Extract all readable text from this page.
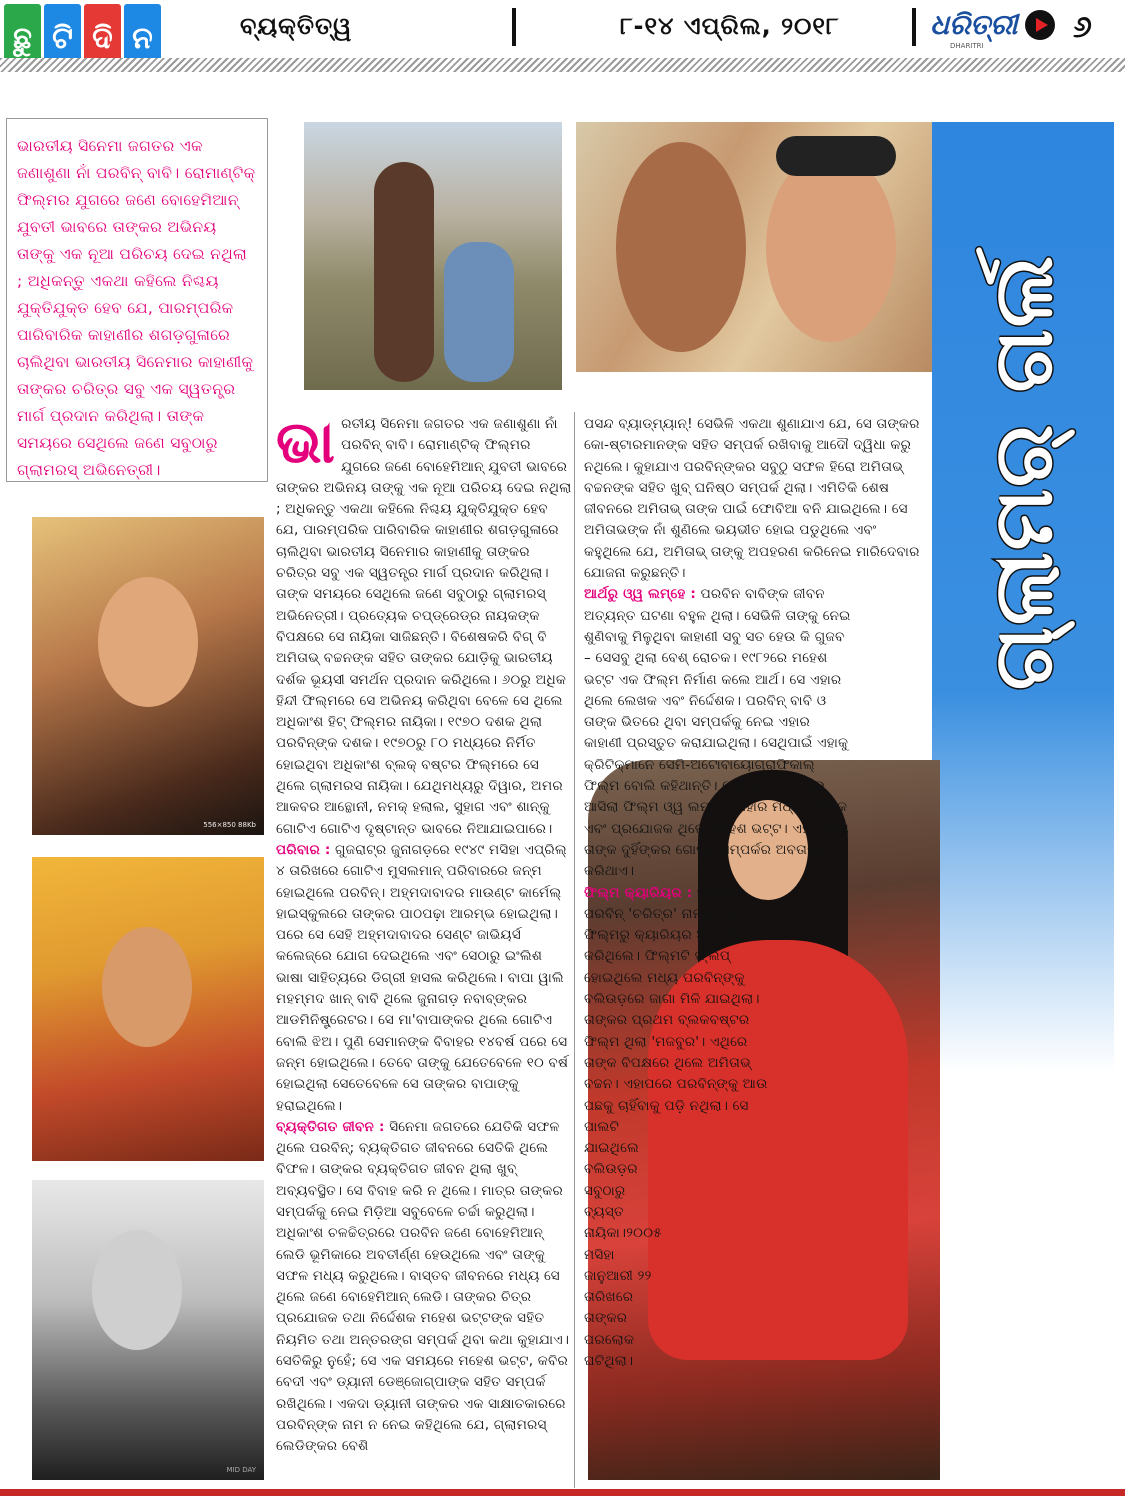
ଛୁ ଟି ଦି ନ	ବ୍ୟକ୍ତିତ୍ୱ	୮-୧୪ ଏପ୍ରିଲ, ୨୦୧୮	ଧରିତ୍ରୀ
DHARITRI
୬
ଭାରତୀୟ ସିନେମା ଜଗତର ଏକ ଜଣାଶୁଣା ନାଁ ପରବିନ୍ ବାବି। ରୋମାଣ୍ଟିକ୍ ଫିଲ୍ମର ଯୁଗରେ ଜଣେ ବୋହେମିଆନ୍ ଯୁବତୀ ଭାବରେ ତାଙ୍କର ଅଭିନୟ ତାଙ୍କୁ ଏକ ନୂଆ ପରିଚୟ ଦେଇ ନଥିଲା ; ଅଧିକନ୍ତୁ ଏକଥା କହିଲେ ନିଶ୍ଚୟ ଯୁକ୍ତିଯୁକ୍ତ ହେବ ଯେ, ପାରମ୍ପରିକ ପାରିବାରିକ କାହାଣୀର ଶଗଡ଼ଗୁଳାରେ ଚାଲିଥିବା ଭାରତୀୟ ସିନେମାର କାହାଣୀକୁ ତାଙ୍କର ଚରିତ୍ର ସବୁ ଏକ ସ୍ୱତନ୍ତ୍ର ମାର୍ଗ ପ୍ରଦାନ କରିଥିଲା। ତାଙ୍କ ସମୟରେ ସେଥିଲେ ଜଣେ ସବୁଠାରୁ ଗ୍ଲାମରସ୍ ଅଭିନେତ୍ରୀ।
556×850 88Kb
MID DAY
ଗ୍ଲାମର୍ ଗର୍ଲ

ଭା ରତୀୟ ସିନେମା ଜଗତର ଏକ ଜଣାଶୁଣା ନାଁ ପରବିନ୍ ବାବି। ରୋମାଣ୍ଟିକ୍ ଫିଲ୍ମର ଯୁଗରେ ଜଣେ ବୋହେମିଆନ୍ ଯୁବତୀ ଭାବରେ ତାଙ୍କର ଅଭିନୟ ତାଙ୍କୁ ଏକ ନୂଆ ପରିଚୟ ଦେଇ ନଥିଲା ; ଅଧିକନ୍ତୁ ଏକଥା କହିଲେ ନିଶ୍ଚୟ ଯୁକ୍ତିଯୁକ୍ତ ହେବ ଯେ, ପାରମ୍ପରିକ ପାରିବାରିକ କାହାଣୀର ଶଗଡ଼ଗୁଳାରେ ଚାଲିଥିବା ଭାରତୀୟ ସିନେମାର କାହାଣୀକୁ ତାଙ୍କର ଚରିତ୍ର ସବୁ ଏକ ସ୍ୱତନ୍ତ୍ର ମାର୍ଗ ପ୍ରଦାନ କରିଥିଲା। ତାଙ୍କ ସମୟରେ ସେଥିଲେ ଜଣେ ସବୁଠାରୁ ଗ୍ଲାମରସ୍ ଅଭିନେତ୍ରୀ। ପ୍ରତ୍ୟେକ ଚପ୍‌ଡ୍ରେଡ୍‌ର ନାୟକଙ୍କ ବିପକ୍ଷରେ ସେ ନାୟିକା ସାଜିଛନ୍ତି। ବିଶେଷକରି ବିଗ୍ ବି ଅମିତାଭ୍ ବଚ୍ଚନଙ୍କ ସହିତ ତାଙ୍କର ଯୋଡ଼ିକୁ ଭାରତୀୟ ଦର୍ଶକ ଭୂୟସୀ ସମର୍ଥନ ପ୍ରଦାନ କରିଥିଲେ। ୬୦ରୁ ଅଧିକ ହିନ୍ଦୀ ଫିଲ୍ମରେ ସେ ଅଭିନୟ କରିଥିବା ବେଳେ ସେ ଥିଲେ ଅଧିକାଂଶ ହିଟ୍ ଫିଲ୍ମର ନାୟିକା। ୧୯୭୦ ଦଶକ ଥିଲା ପରବିନ୍‌ଙ୍କ ଦଶକ। ୧୯୭୦ରୁ ୮୦ ମଧ୍ୟରେ ନିର୍ମିତ ହୋଇଥିବା ଅଧିକାଂଶ ବ୍ଲକ୍ ବଷ୍ଟର ଫିଲ୍ମରେ ସେ ଥିଲେ ଗ୍ଲାମରସ ନାୟିକା। ଯେଥିମଧ୍ୟରୁ ଦିୱାର, ଅମର ଆକବର ଆନ୍ଥୋନୀ, ନମକ୍ ହଲାଲ, ସୁହାଗ ଏବଂ ଶାନ୍‌କୁ ଗୋଟିଏ ଗୋଟିଏ ଦୃଷ୍ଟାନ୍ତ ଭାବରେ ନିଆଯାଇପାରେ।

ପରିବାର : ଗୁଜରାଟ୍‌ର ଜୁନାଗଡ଼ରେ ୧୯୪୯ ମସିହା ଏପ୍ରିଲ୍ ୪ ତାରିଖରେ ଗୋଟିଏ ମୁସଲମାନ୍ ପରିବାରରେ ଜନ୍ମ ହୋଇଥିଲେ ପରବିନ୍। ଅହ୍ମଦାବାଦର ମାଉଣ୍ଟ କାର୍ମେଲ୍ ହାଇସ୍କୁଲରେ ତାଙ୍କର ପାଠପଢ଼ା ଆରମ୍ଭ ହୋଇଥିଲା। ପରେ ସେ ସେହି ଅହ୍ମଦାବାଦର ସେଣ୍ଟ ଜାଭିୟର୍ସ କଲେଜ୍‌ରେ ଯୋଗ ଦେଇଥିଲେ ଏବଂ ସେଠାରୁ ଇଂଲିଶ ଭାଷା ସାହିତ୍ୟରେ ଡିଗ୍ରୀ ହାସଲ କରିଥିଲେ। ବାପା ୱାଲି ମହମ୍ମଦ ଖାନ୍ ବାବି ଥିଲେ ଜୁନାଗଡ଼ ନବାବ୍‌ଙ୍କର ଆଡମିନିଷ୍ଟ୍ରେଟର। ସେ ମା'ବାପାଙ୍କର ଥିଲେ ଗୋଟିଏ ବୋଲି ଝିଅ। ପୁଣି ସେମାନଙ୍କ ବିବାହର ୧୪ବର୍ଷ ପରେ ସେ ଜନ୍ମ ହୋଇଥିଲେ। ତେବେ ତାଙ୍କୁ ଯେତେବେଳେ ୧୦ ବର୍ଷ ହୋଇଥିଲା ସେତେବେଳେ ସେ ତାଙ୍କର ବାପାଙ୍କୁ ହରାଇଥିଲେ।

ବ୍ୟକ୍ତିଗତ ଜୀବନ : ସିନେମା ଜଗତରେ ଯେତିକି ସଫଳ ଥିଲେ ପରବିନ୍; ବ୍ୟକ୍ତିଗତ ଜୀବନରେ ସେତିକି ଥିଲେ ବିଫଳ। ତାଙ୍କର ବ୍ୟକ୍ତିଗତ ଜୀବନ ଥିଲା ଖୁବ୍ ଅବ୍ୟବସ୍ଥିତ। ସେ ବିବାହ କରି ନ ଥିଲେ। ମାତ୍ର ତାଙ୍କର ସମ୍ପର୍କକୁ ନେଇ ମିଡ଼ିଆ ସବୁବେଳେ ଚର୍ଚ୍ଚା କରୁଥିଲା। ଅଧିକାଂଶ ଚଳଚ୍ଚିତ୍ରରେ ପରବିନ ଜଣେ ବୋହେମିଆନ୍ ଲେଡି ଭୂମିକାରେ ଅବତୀର୍ଣ୍ଣ ହେଉଥିଲେ ଏବଂ ତାଙ୍କୁ ସଫଳ ମଧ୍ୟ କରୁଥିଲେ। ବାସ୍ତବ ଜୀବନରେ ମଧ୍ୟ ସେ ଥିଲେ ଜଣେ ବୋହେମିଆନ୍ ଲେଡି। ତାଙ୍କର ଚିତ୍ର ପ୍ରଯୋଜକ ତଥା ନିର୍ଦ୍ଦେଶକ ମହେଶ ଭଟ୍ଟଙ୍କ ସହିତ ନିୟମିତ ତଥା ଅନ୍ତରଙ୍ଗ ସମ୍ପର୍କ ଥିବା କଥା କୁହାଯାଏ। ସେତିକିରୁ ନୁହେଁ; ସେ ଏକ ସମୟରେ ମହେଶ ଭଟ୍ଟ, କବିର ବେଦୀ ଏବଂ ଡ୍ୟାନୀ ଡେଞ୍ଜୋଗ୍ପାଙ୍କ ସହିତ ସମ୍ପର୍କ ରଖିଥିଲେ। ଏକଦା ଡ୍ୟାନୀ ତାଙ୍କର ଏକ ସାକ୍ଷାତକାରରେ ପରବିନ୍‌ଙ୍କ ନାମ ନ ନେଇ କହିଥିଲେ ଯେ, ଗ୍ଲାମରସ୍ ଲେଡିଙ୍କର ବେଶି

ପସନ୍ଦ ବ୍ୟାଡ୍‌ମ୍ୟାନ୍! ସେଭିଳି ଏକଥା ଶୁଣାଯାଏ ଯେ, ସେ ତାଙ୍କର କୋ-ଷ୍ଟାରମାନଙ୍କ ସହିତ ସମ୍ପର୍କ ରଖିବାକୁ ଆଦୌ ଦ୍ୱିଧା କରୁ ନଥିଲେ। କୁହାଯାଏ ପରବିନ୍‌ଙ୍କର ସବୁଠୁ ସଫଳ ହିରୋ ଅମିତାଭ୍ ବଚ୍ଚନଙ୍କ ସହିତ ଖୁବ୍ ଘନିଷ୍ଠ ସମ୍ପର୍କ ଥିଲା। ଏମିତିକି ଶେଷ ଜୀବନରେ ଅମିତାଭ୍ ତାଙ୍କ ପାଇଁ ଫୋବିଆ ବନି ଯାଇଥିଲେ। ସେ ଅମିତାଭଙ୍କ ନାଁ ଶୁଣିଲେ ଭୟଭୀତ ହୋଇ ପଡୁଥିଲେ ଏବଂ କହୁଥିଲେ ଯେ, ଅମିତାଭ୍ ତାଙ୍କୁ ଅପହରଣ କରିନେଇ ମାରିଦେବାର ଯୋଜନା କରୁଛନ୍ତି।

ଆର୍ଥରୁ ଓ୍ୱ ଲମ୍‌ହେ : ପରବିନ ବାବିଙ୍କ ଜୀବନ ଅତ୍ୟନ୍ତ ଘଟଣା ବହୁଳ ଥିଲା। ସେଭିଳି ତାଙ୍କୁ ନେଇ ଶୁଣିବାକୁ ମିଳୁଥିବା କାହାଣୀ ସବୁ ସତ ହେଉ କି ଗୁଜବ – ସେସବୁ ଥିଲା ବେଶ୍ ରୋଚକ। ୧୯୮୨ରେ ମହେଶ ଭଟ୍ଟ ଏକ ଫିଲ୍ମ ନିର୍ମାଣ କଲେ ଆର୍ଥ। ସେ ଏହାର ଥିଲେ ଲେଖକ ଏବଂ ନିର୍ଦ୍ଦେଶକ। ପରବିନ୍ ବାବି ଓ ତାଙ୍କ ଭିତରେ ଥିବା ସମ୍ପର୍କକୁ ନେଇ ଏହାର କାହାଣୀ ପ୍ରସ୍ତୁତ କରାଯାଇଥିଲା। ସେଥିପାଇଁ ଏହାକୁ କ୍ରିଟିକ୍‌ମାନେ ସେମି-ଅଟୋବାୟୋଗ୍ରାଫିକାଲ୍ ଫିଲ୍ମ ବୋଲି କହିଥାନ୍ତି। ସେହିଭଳି ୨୦୦୬ରେ ଆସିଲା ଫିଲ୍ମ ଓ୍ୱ ଲମ୍‌ହେ। ଏହାର ମଧ୍ୟ ଲେଖକ ଏବଂ ପ୍ରଯୋଜକ ଥିଲେ ମହେଶ ଭଟ୍ଟ। ଏହା ମଧ୍ୟ ତାଙ୍କ ଦୁହିଁଙ୍କର ଗୋପନ ସମ୍ପର୍କର ଅବତାରଣା କରିଥାଏ।

ଫିଲ୍ମ କ୍ୟାରିୟର : ୧୯୭୨ରେ ପରବିନ୍ 'ଚରିତ୍ର' ନାମକ ଏକ ଫିଲ୍ମରୁ କ୍ୟାରିୟର ଆରମ୍ଭ କରିଥିଲେ। ଫିଲ୍ମଟି ଫ୍ଲପ୍ ହୋଇଥିଲେ ମଧ୍ୟ ପରବିନ୍‌ଙ୍କୁ ବଲିଉଡ଼ରେ ଜାଗା ମିଳି ଯାଇଥିଲା। ତାଙ୍କର ପ୍ରଥମ ବ୍ଲକବଷ୍ଟର ଫିଲ୍ମ ଥିଲା 'ମଜବୁର'। ଏଥିରେ ତାଙ୍କ ବିପକ୍ଷରେ ଥିଲେ ଅମିତାଭ୍ ବଚ୍ଚନ। ଏହାପରେ ପରବିନ୍‌ଙ୍କୁ ଆଉ ପଛକୁ ଚାହିଁବାକୁ ପଡ଼ି ନଥିଲା। ସେ ପାଲଟି

ଯାଇଥିଲେ ବଲିଉଡ଼ର ସବୁଠାରୁ ବ୍ୟସ୍ତ ନାୟିକା।୨୦୦୫ ମସିହା ଜାନୁଆରୀ ୨୨ ତାରିଖରେ ତାଙ୍କର ପରଲୋକ ଘଟିଥିଲା।
